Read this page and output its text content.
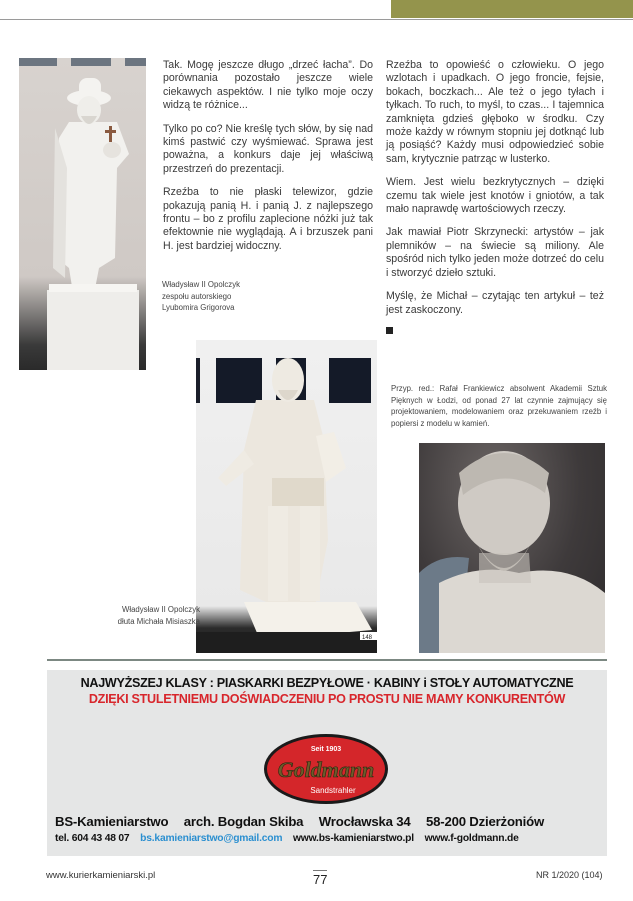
Tak. Mogę jeszcze długo „drzeć łacha”. Do porównania pozostało jeszcze wiele ciekawych aspektów. I nie tylko moje oczy widzą te różnice...

Tylko po co? Nie kreślę tych słów, by się nad kimś pastwić czy wyśmiewać. Sprawa jest poważna, a konkurs daje jej właściwą przestrzeń do prezentacji.

Rzeźba to nie płaski telewizor, gdzie pokazują panią H. i panią J. z najlepszego frontu – bo z profilu zaplecione nóżki już tak efektownie nie wyglądają. A i brzuszek pani H. jest bardziej widoczny.

Władysław II Opolczyk
zespołu autorskiego
Lyubomira Grigorova

Rzeźba to opowieść o człowieku. O jego wzlotach i upadkach. O jego froncie, fejsie, bokach, boczkach... Ale też o jego tyłach i tyłkach. To ruch, to myśl, to czas... I tajemnica zamknięta gdzieś głęboko w środku. Czy może każdy w równym stopniu jej dotknąć lub ją posiąść? Każdy musi odpowiedzieć sobie sam, krytycznie patrząc w lusterko.

Wiem. Jest wielu bezkrytycznych – dzięki czemu tak wiele jest knotów i gniotów, a tak mało naprawdę wartościowych rzeczy.

Jak mawiał Piotr Skrzynecki: artystów – jak plemników – na świecie są miliony. Ale spośród nich tylko jeden może dotrzeć do celu i stworzyć dzieło sztuki.

Myślę, że Michał – czytając ten artykuł – też jest zaskoczony.

Przyp. red.: Rafał Frankiewicz absolwent Akademii Sztuk Pięknych w Łodzi, od ponad 27 lat czynnie zajmujący się projektowaniem, modelowaniem oraz przekuwaniem rzeźb i popiersi z modelu w kamień.
148
Władysław II Opolczyk
dłuta Michała Misiaszka
NAJWYŻSZEJ KLASY : PIASKARKI BEZPYŁOWE · KABINY i STOŁY AUTOMATYCZNE
DZIĘKI STULETNIEMU DOŚWIADCZENIU PO PROSTU NIE MAMY KONKURENTÓW
Seit 1903
Goldmann
Sandstrahler
BS-Kamieniarstwo arch. Bogdan Skiba Wrocławska 34 58-200 Dzierżoniów
tel. 604 43 48 07 bs.kamieniarstwo@gmail.com www.bs-kamieniarstwo.pl www.f-goldmann.de
www.kurierkamieniarski.pl	77	NR 1/2020 (104)
